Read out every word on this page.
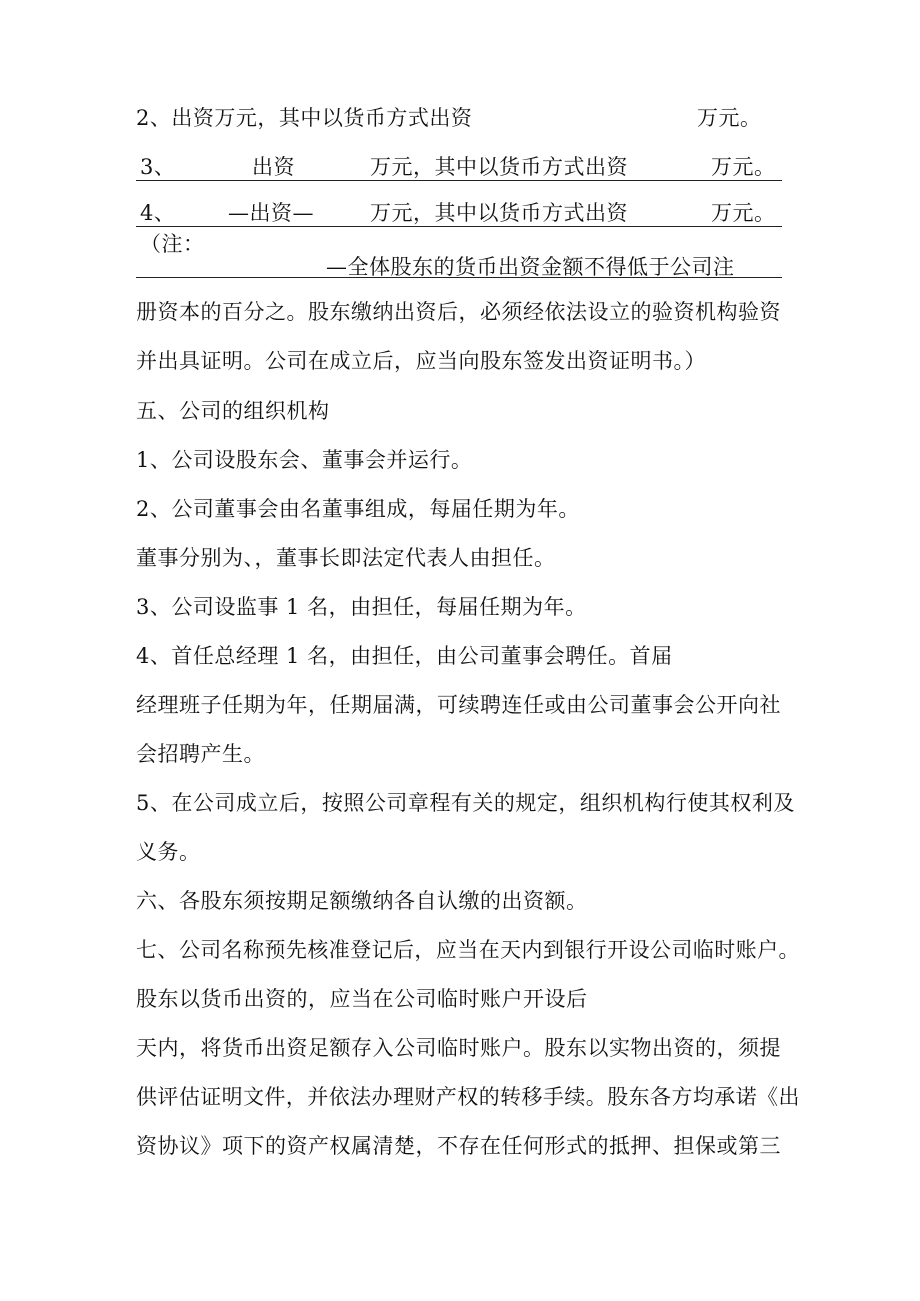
2、出资万元，其中以货币方式出资	万元。
3、	出资	万元，其中以货币方式出资	万元。
4、	—出资—	万元，其中以货币方式出资	万元。
（注：
—全体股东的货币出资金额不得低于公司注
册资本的百分之。股东缴纳出资后，必须经依法设立的验资机构验资
并出具证明。公司在成立后，应当向股东签发出资证明书。）
五、公司的组织机构
1、公司设股东会、董事会并运行。
2、公司董事会由名董事组成，每届任期为年。
董事分别为、，董事长即法定代表人由担任。
3、公司设监事 1 名，由担任，每届任期为年。
4、首任总经理 1 名，由担任，由公司董事会聘任。首届
经理班子任期为年，任期届满，可续聘连任或由公司董事会公开向社
会招聘产生。
5、在公司成立后，按照公司章程有关的规定，组织机构行使其权利及
义务。
六、各股东须按期足额缴纳各自认缴的出资额。
七、公司名称预先核准登记后，应当在天内到银行开设公司临时账户。
股东以货币出资的，应当在公司临时账户开设后
天内，将货币出资足额存入公司临时账户。股东以实物出资的，须提
供评估证明文件，并依法办理财产权的转移手续。股东各方均承诺《出
资协议》项下的资产权属清楚，不存在任何形式的抵押、担保或第三
